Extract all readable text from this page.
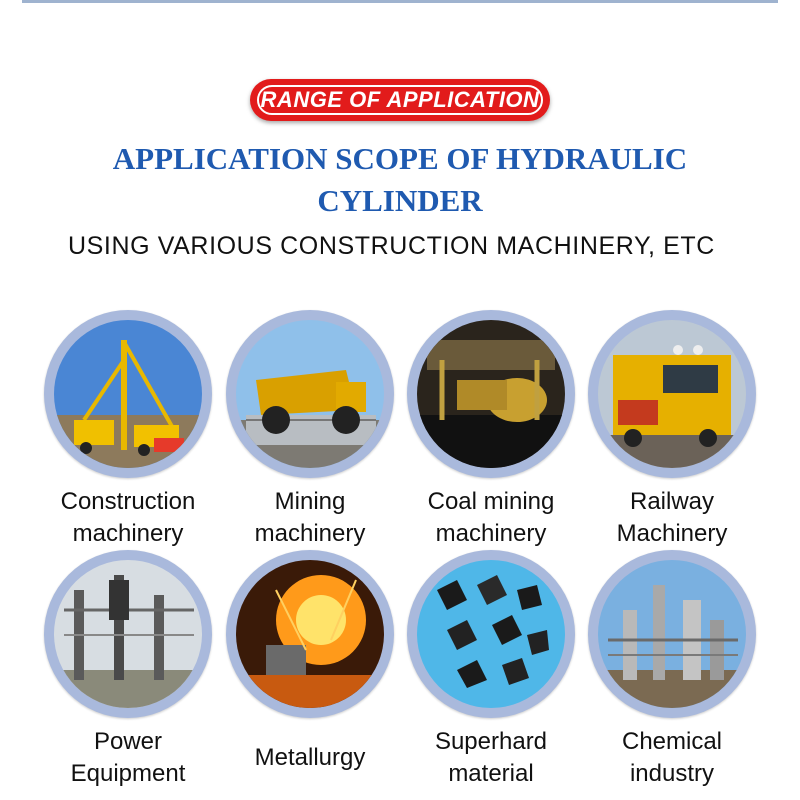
RANGE OF APPLICATION
APPLICATION SCOPE OF HYDRAULIC
CYLINDER
USING VARIOUS CONSTRUCTION MACHINERY, ETC
Construction
machinery
Mining
machinery
Coal mining
machinery
Railway
Machinery
Power
Equipment
Metallurgy
Superhard
material
Chemical
industry
